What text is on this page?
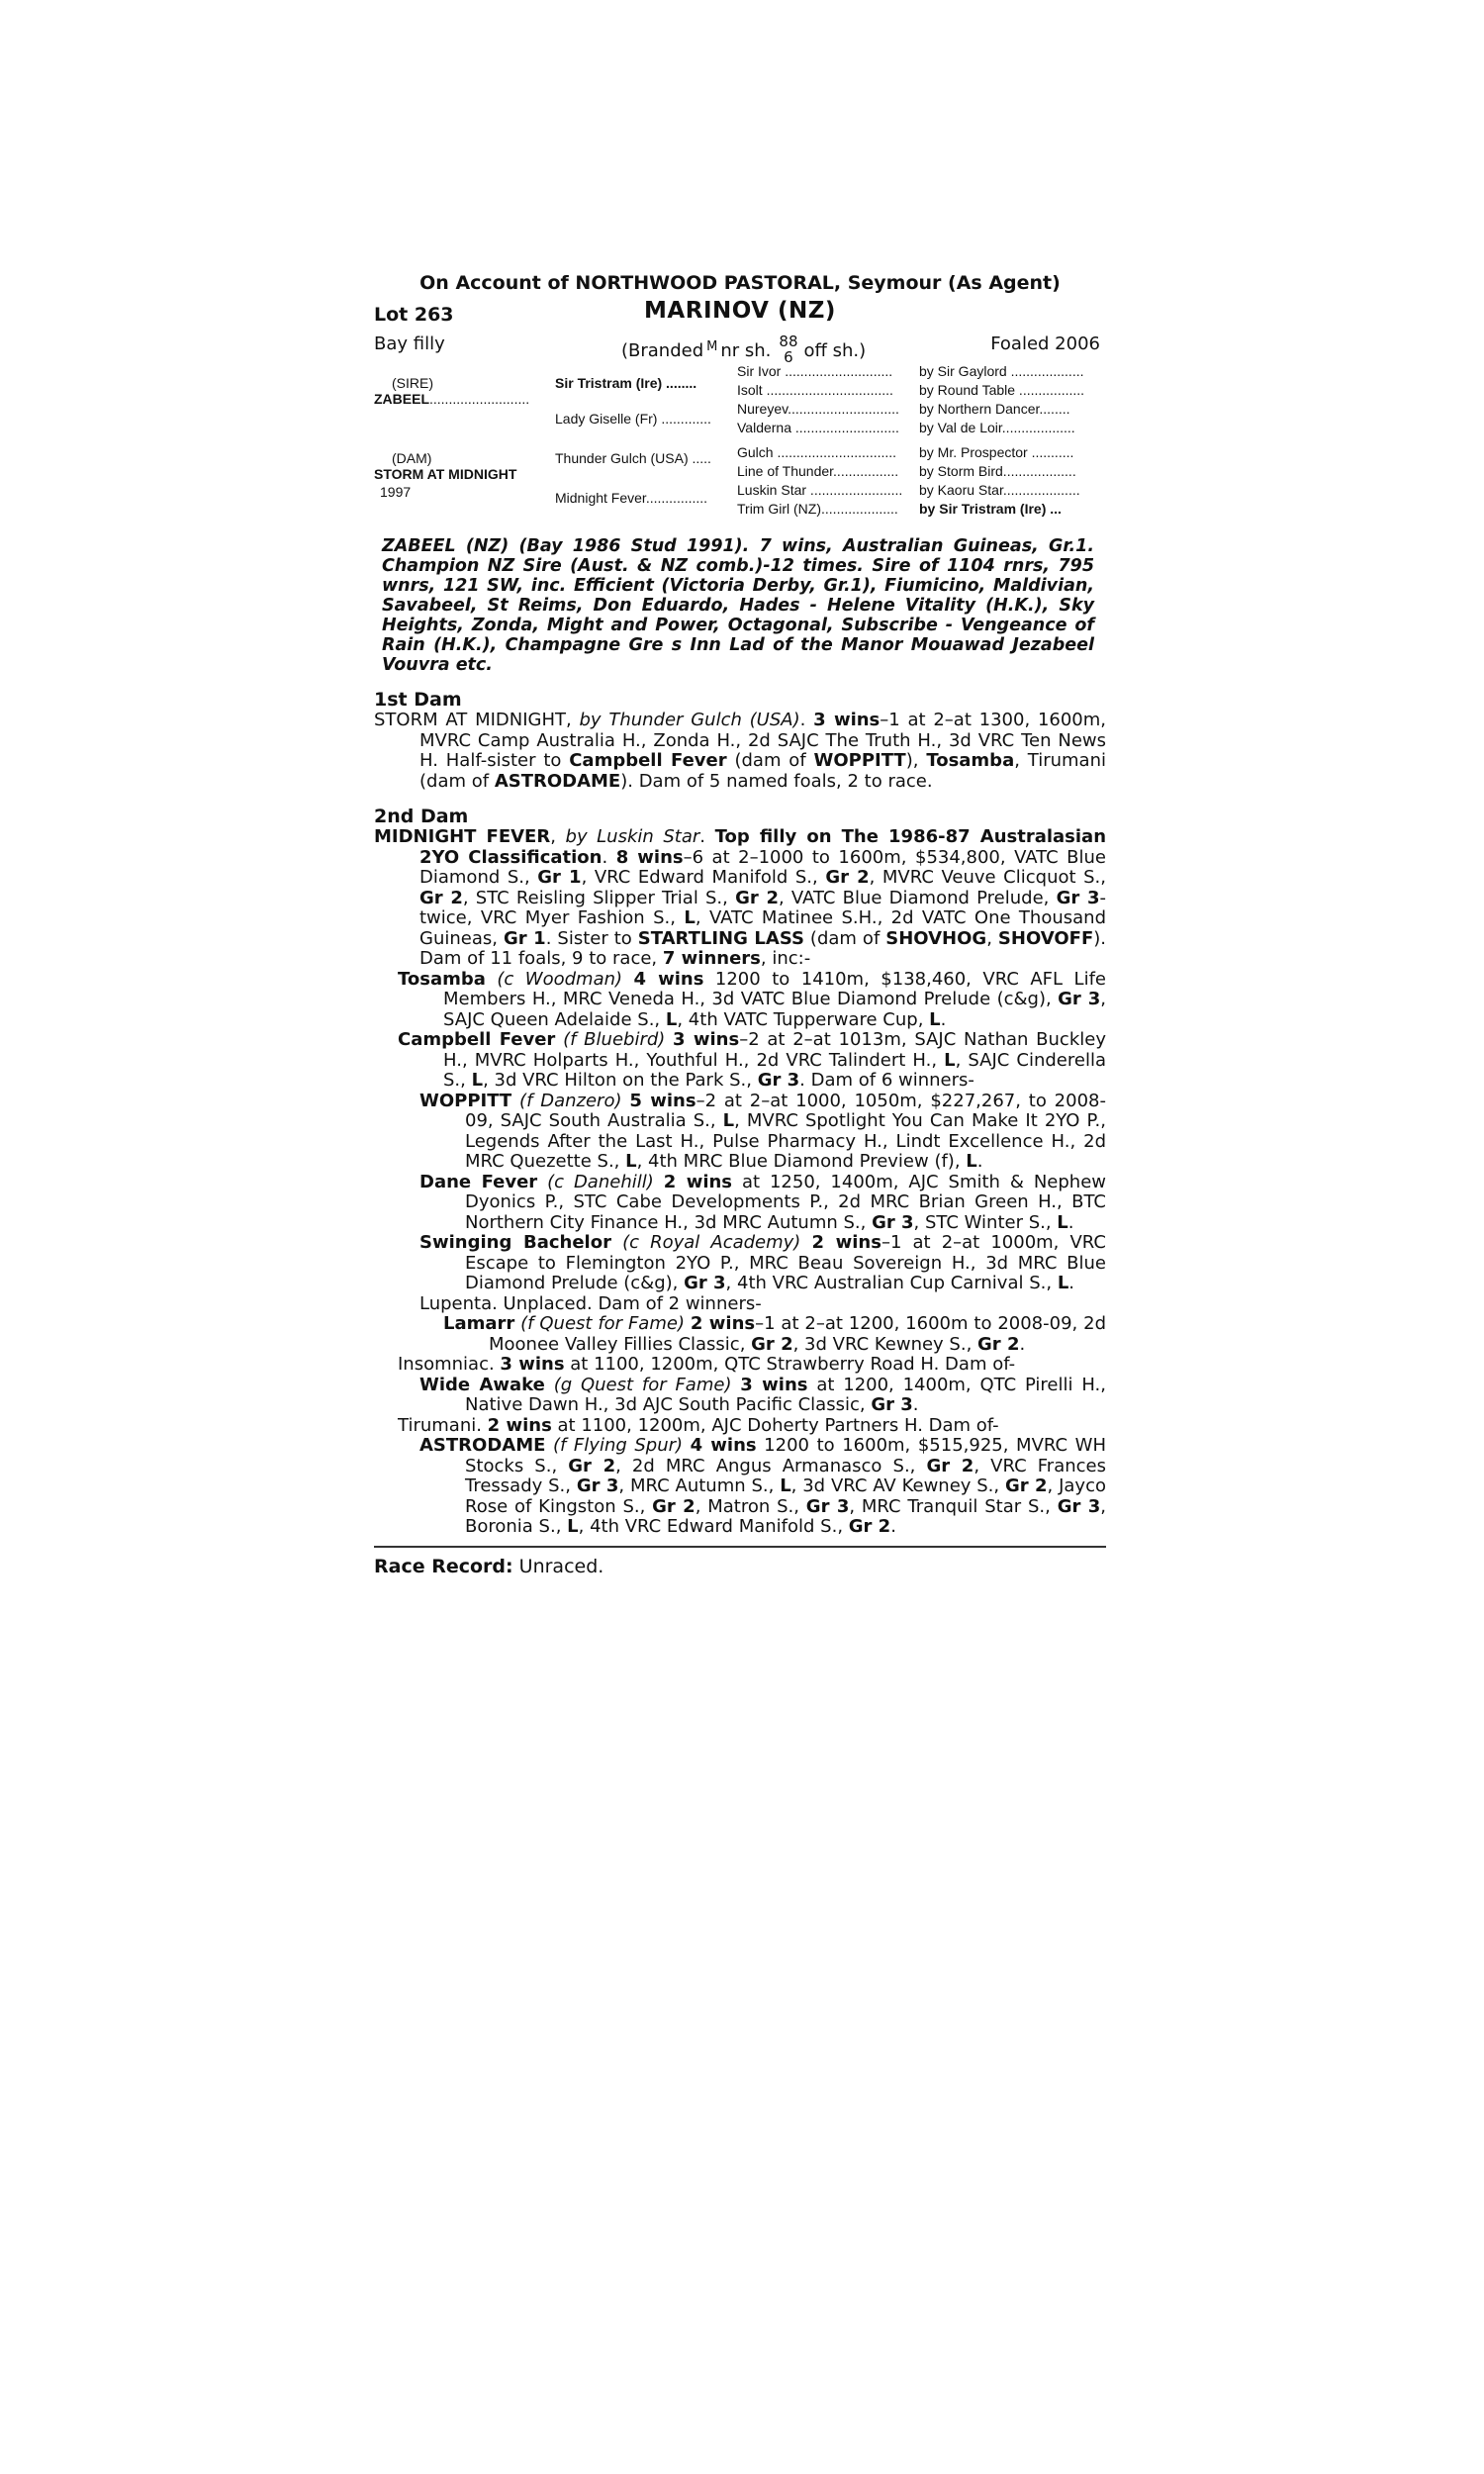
On Account of NORTHWOOD PASTORAL, Seymour (As Agent)
MARINOV (NZ)
Lot 263
Bay filly	(Branded M nr sh. 88
6 off sh.)	Foaled 2006
(SIRE)
ZABEEL..........................
(DAM)
STORM AT MIDNIGHT
1997
Sir Tristram (Ire) ........
Lady Giselle (Fr) .............
Thunder Gulch (USA) .....
Midnight Fever................
Sir Ivor ............................
Isolt .................................
Nureyev.............................
Valderna ...........................
Gulch ...............................
Line of Thunder.................
Luskin Star ........................
Trim Girl (NZ)....................
by Sir Gaylord ...................
by Round Table .................
by Northern Dancer........
by Val de Loir...................
by Mr. Prospector ...........
by Storm Bird...................
by Kaoru Star....................
by Sir Tristram (Ire) ...
ZABEEL (NZ) (Bay 1986 Stud 1991). 7 wins, Australian Guineas, Gr.1. Champion NZ Sire (Aust. & NZ comb.)-12 times. Sire of 1104 rnrs, 795 wnrs, 121 SW, inc. Efficient (Victoria Derby, Gr.1), Fiumicino, Maldivian, Savabeel, St Reims, Don Eduardo, Hades - Helene Vitality (H.K.), Sky Heights, Zonda, Might and Power, Octagonal, Subscribe - Vengeance of Rain (H.K.), Champagne Gre s Inn Lad of the Manor Mouawad Jezabeel Vouvra etc.
1st Dam
STORM AT MIDNIGHT, by Thunder Gulch (USA). 3 wins–1 at 2–at 1300, 1600m, MVRC Camp Australia H., Zonda H., 2d SAJC The Truth H., 3d VRC Ten News H. Half-sister to Campbell Fever (dam of WOPPITT), Tosamba, Tirumani (dam of ASTRODAME). Dam of 5 named foals, 2 to race.
2nd Dam
MIDNIGHT FEVER, by Luskin Star. Top filly on The 1986-87 Australasian 2YO Classification. 8 wins–6 at 2–1000 to 1600m, $534,800, VATC Blue Diamond S., Gr 1, VRC Edward Manifold S., Gr 2, MVRC Veuve Clicquot S., Gr 2, STC Reisling Slipper Trial S., Gr 2, VATC Blue Diamond Prelude, Gr 3-twice, VRC Myer Fashion S., L, VATC Matinee S.H., 2d VATC One Thousand Guineas, Gr 1. Sister to STARTLING LASS (dam of SHOVHOG, SHOVOFF). Dam of 11 foals, 9 to race, 7 winners, inc:-
Tosamba (c Woodman) 4 wins 1200 to 1410m, $138,460, VRC AFL Life Members H., MRC Veneda H., 3d VATC Blue Diamond Prelude (c&g), Gr 3, SAJC Queen Adelaide S., L, 4th VATC Tupperware Cup, L.
Campbell Fever (f Bluebird) 3 wins–2 at 2–at 1013m, SAJC Nathan Buckley H., MVRC Holparts H., Youthful H., 2d VRC Talindert H., L, SAJC Cinderella S., L, 3d VRC Hilton on the Park S., Gr 3. Dam of 6 winners-
WOPPITT (f Danzero) 5 wins–2 at 2–at 1000, 1050m, $227,267, to 2008-09, SAJC South Australia S., L, MVRC Spotlight You Can Make It 2YO P., Legends After the Last H., Pulse Pharmacy H., Lindt Excellence H., 2d MRC Quezette S., L, 4th MRC Blue Diamond Preview (f), L.
Dane Fever (c Danehill) 2 wins at 1250, 1400m, AJC Smith & Nephew Dyonics P., STC Cabe Developments P., 2d MRC Brian Green H., BTC Northern City Finance H., 3d MRC Autumn S., Gr 3, STC Winter S., L.
Swinging Bachelor (c Royal Academy) 2 wins–1 at 2–at 1000m, VRC Escape to Flemington 2YO P., MRC Beau Sovereign H., 3d MRC Blue Diamond Prelude (c&g), Gr 3, 4th VRC Australian Cup Carnival S., L.
Lupenta. Unplaced. Dam of 2 winners-
Lamarr (f Quest for Fame) 2 wins–1 at 2–at 1200, 1600m to 2008-09, 2d Moonee Valley Fillies Classic, Gr 2, 3d VRC Kewney S., Gr 2.
Insomniac. 3 wins at 1100, 1200m, QTC Strawberry Road H. Dam of-
Wide Awake (g Quest for Fame) 3 wins at 1200, 1400m, QTC Pirelli H., Native Dawn H., 3d AJC South Pacific Classic, Gr 3.
Tirumani. 2 wins at 1100, 1200m, AJC Doherty Partners H. Dam of-
ASTRODAME (f Flying Spur) 4 wins 1200 to 1600m, $515,925, MVRC WH Stocks S., Gr 2, 2d MRC Angus Armanasco S., Gr 2, VRC Frances Tressady S., Gr 3, MRC Autumn S., L, 3d VRC AV Kewney S., Gr 2, Jayco Rose of Kingston S., Gr 2, Matron S., Gr 3, MRC Tranquil Star S., Gr 3, Boronia S., L, 4th VRC Edward Manifold S., Gr 2.
Race Record: Unraced.
